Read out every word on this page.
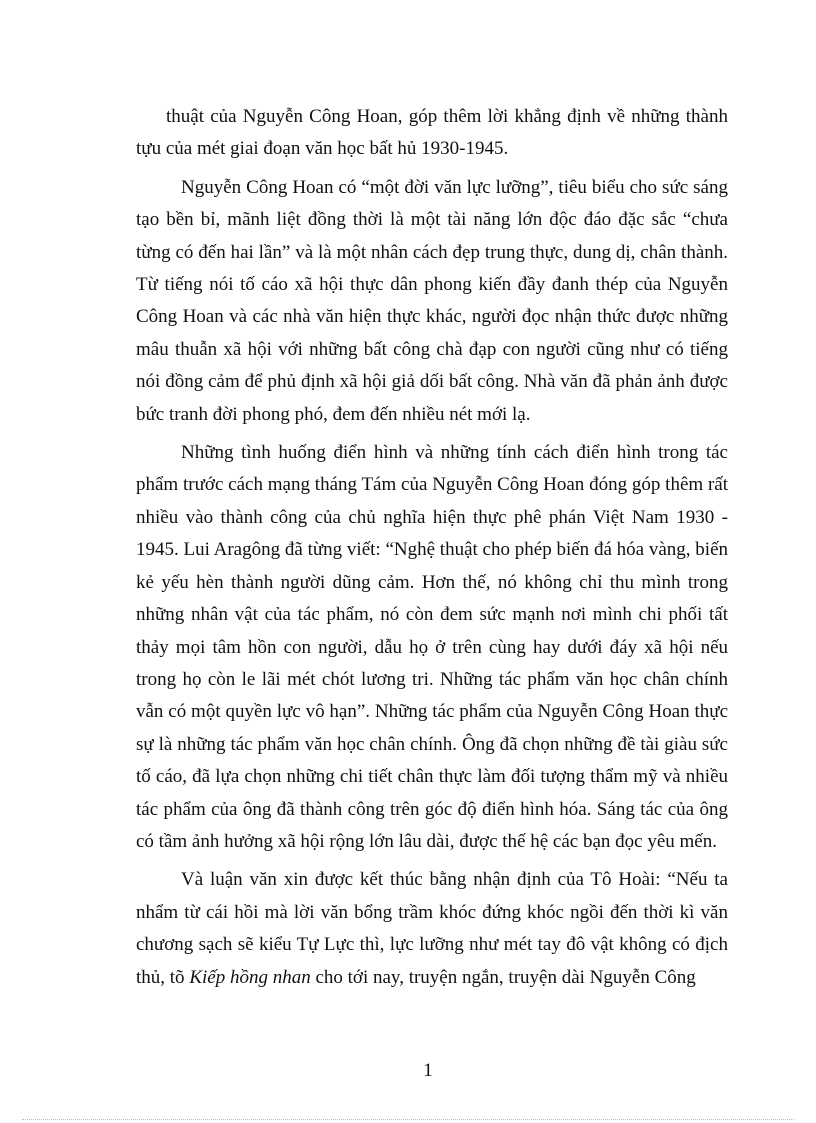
thuật của Nguyễn Công Hoan, góp thêm lời khẳng định về những thành tựu của mét giai đoạn văn học bất hủ 1930-1945.

Nguyễn Công Hoan có “một đời văn lực lưỡng”, tiêu biểu cho sức sáng tạo bền bỉ, mãnh liệt đồng thời là một tài năng lớn độc đáo đặc sắc “chưa từng có đến hai lần” và là một nhân cách đẹp trung thực, dung dị, chân thành. Từ tiếng nói tố cáo xã hội thực dân phong kiến đầy đanh thép của Nguyễn Công Hoan và các nhà văn hiện thực khác, người đọc nhận thức được những mâu thuẫn xã hội với những bất công chà đạp con người cũng như có tiếng nói đồng cảm để phủ định xã hội giả dối bất công. Nhà văn đã phản ảnh được bức tranh đời phong phó, đem đến nhiều nét mới lạ.

Những tình huống điển hình và những tính cách điển hình trong tác phẩm trước cách mạng tháng Tám của Nguyễn Công Hoan đóng góp thêm rất nhiều vào thành công của chủ nghĩa hiện thực phê phán Việt Nam 1930 - 1945. Lui Aragông đã từng viết: “Nghệ thuật cho phép biến đá hóa vàng, biến kẻ yếu hèn thành người dũng cảm. Hơn thế, nó không chỉ thu mình trong những nhân vật của tác phẩm, nó còn đem sức mạnh nơi mình chi phối tất thảy mọi tâm hồn con người, dẫu họ ở trên cùng hay dưới đáy xã hội nếu trong họ còn le lãi mét chót lương tri. Những tác phẩm văn học chân chính vẫn có một quyền lực vô hạn”. Những tác phẩm của Nguyễn Công Hoan thực sự là những tác phẩm văn học chân chính. Ông đã chọn những đề tài giàu sức tố cáo, đã lựa chọn những chi tiết chân thực làm đối tượng thẩm mỹ và nhiều tác phẩm của ông đã thành công trên góc độ điển hình hóa. Sáng tác của ông có tầm ảnh hưởng xã hội rộng lớn lâu dài, được thế hệ các bạn đọc yêu mến.

Và luận văn xin được kết thúc bằng nhận định của Tô Hoài: “Nếu ta nhẩm từ cái hồi mà lời văn bổng trầm khóc đứng khóc ngồi đến thời kì văn chương sạch sẽ kiểu Tự Lực thì, lực lưỡng như mét tay đô vật không có địch thủ, tõ Kiếp hồng nhan cho tới nay, truyện ngắn, truyện dài Nguyễn Công

1
